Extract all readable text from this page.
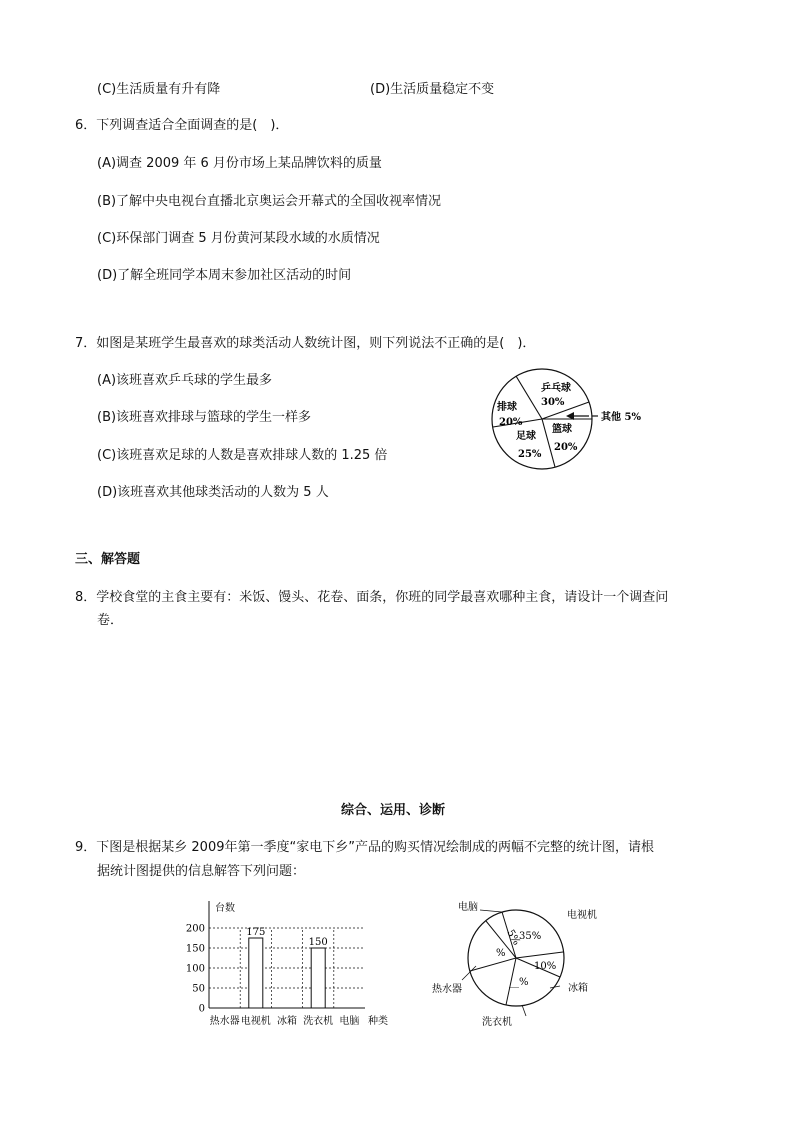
(C)生活质量有升有降	(D)生活质量稳定不变
6．下列调查适合全面调查的是(　)．
(A)调查 2009 年 6 月份市场上某品牌饮料的质量
(B)了解中央电视台直播北京奥运会开幕式的全国收视率情况
(C)环保部门调查 5 月份黄河某段水域的水质情况
(D)了解全班同学本周末参加社区活动的时间
7．如图是某班学生最喜欢的球类活动人数统计图，则下列说法不正确的是(　)．
(A)该班喜欢乒乓球的学生最多
(B)该班喜欢排球与篮球的学生一样多
(C)该班喜欢足球的人数是喜欢排球人数的 1.25 倍
(D)该班喜欢其他球类活动的人数为 5 人
乒乓球
30%
排球
20%
足球
25%
篮球
20%
其他 5%
三、解答题
8．学校食堂的主食主要有：米饭、馒头、花卷、面条，你班的同学最喜欢哪种主食，请设计一个调查问
卷．
综合、运用、诊断
9．下图是根据某乡 2009年第一季度“家电下乡”产品的购买情况绘制成的两幅不完整的统计图，请根
据统计图提供的信息解答下列问题：
台数
0
50
100
150
200	175
150
热水器 电视机 冰箱 洗衣机 电脑 种类
5%
35%
10%
%
__%
电脑
电视机
冰箱
热水器
洗衣机
